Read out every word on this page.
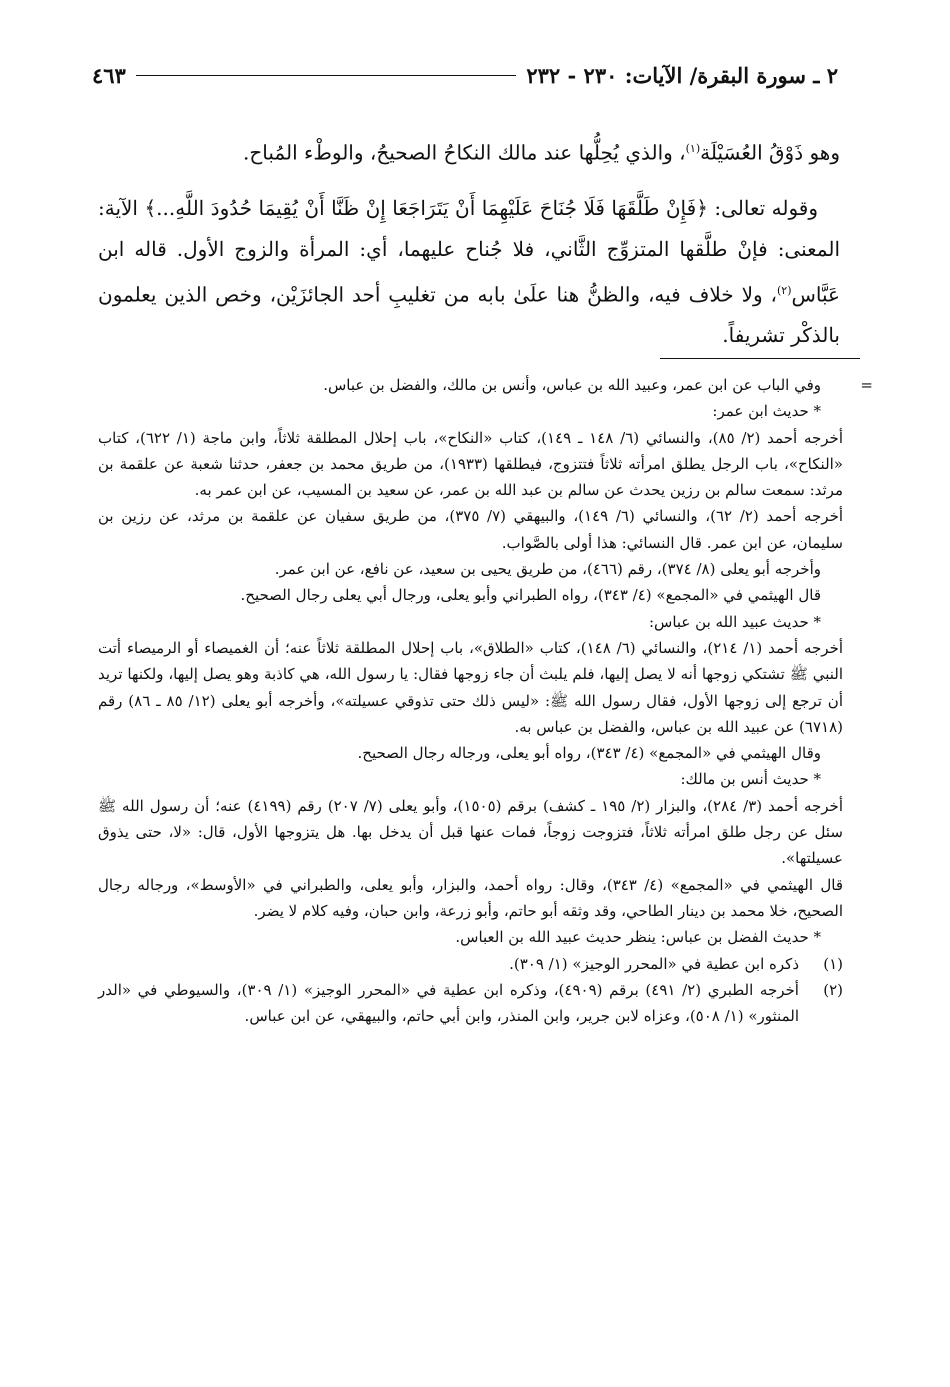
٢ ـ سورة البقرة/ الآيات: ٢٣٠ - ٢٣٢
٤٦٣

وهو ذَوْقُ العُسَيْلَة$^{(١)}$، والذي يُحِلُّها عند مالك النكاحُ الصحيحُ، والوطْء المُباح.

وقوله تعالى: ﴿فَإِنْ طَلَّقَهَا فَلَا جُنَاحَ عَلَيْهِمَا أَنْ يَتَرَاجَعَا إِنْ ظَنَّا أَنْ يُقِيمَا حُدُودَ اللَّهِ...﴾ الآية: المعنى: فإنْ طلَّقها المتزوِّج الثَّاني، فلا جُناح عليهما، أي: المرأة والزوج الأول. قاله ابن عَبَّاس$^{(٢)}$، ولا خلاف فيه، والظنُّ هنا علَىٰ بابه من تغليبِ أحد الجائزَيْن، وخص الذين يعلمون بالذكْر تشريفاً.

=
وفي الباب عن ابن عمر، وعبيد الله بن عباس، وأنس بن مالك، والفضل بن عباس.

* حديث ابن عمر:

أخرجه أحمد (٢/ ٨٥)، والنسائي (٦/ ١٤٨ ـ ١٤٩)، كتاب «النكاح»، باب إحلال المطلقة ثلاثاً، وابن ماجة (١/ ٦٢٢)، كتاب «النكاح»، باب الرجل يطلق امرأته ثلاثاً فتتزوج، فيطلقها (١٩٣٣)، من طريق محمد بن جعفر، حدثنا شعبة عن علقمة بن مرثد: سمعت سالم بن رزين يحدث عن سالم بن عبد الله بن عمر، عن سعيد بن المسيب، عن ابن عمر به.

أخرجه أحمد (٢/ ٦٢)، والنسائي (٦/ ١٤٩)، والبيهقي (٧/ ٣٧٥)، من طريق سفيان عن علقمة بن مرثد، عن رزين بن سليمان، عن ابن عمر. قال النسائي: هذا أولى بالصَّواب.

وأخرجه أبو يعلى (٨/ ٣٧٤)، رقم (٤٦٦)، من طريق يحيى بن سعيد، عن نافع، عن ابن عمر.

قال الهيثمي في «المجمع» (٤/ ٣٤٣)، رواه الطبراني وأبو يعلى، ورجال أبي يعلى رجال الصحيح.

* حديث عبيد الله بن عباس:

أخرجه أحمد (١/ ٢١٤)، والنسائي (٦/ ١٤٨)، كتاب «الطلاق»، باب إحلال المطلقة ثلاثاً عنه؛ أن الغميصاء أو الرميصاء أتت النبي ﷺ تشتكي زوجها أنه لا يصل إليها، فلم يلبث أن جاء زوجها فقال: يا رسول الله، هي كاذبة وهو يصل إليها، ولكنها تريد أن ترجع إلى زوجها الأول، فقال رسول الله ﷺ: «ليس ذلك حتى تذوقي عسيلته»، وأخرجه أبو يعلى (١٢/ ٨٥ ـ ٨٦) رقم (٦٧١٨) عن عبيد الله بن عباس، والفضل بن عباس به.

وقال الهيثمي في «المجمع» (٤/ ٣٤٣)، رواه أبو يعلى، ورجاله رجال الصحيح.

* حديث أنس بن مالك:

أخرجه أحمد (٣/ ٢٨٤)، والبزار (٢/ ١٩٥ ـ كشف) برقم (١٥٠٥)، وأبو يعلى (٧/ ٢٠٧) رقم (٤١٩٩) عنه؛ أن رسول الله ﷺ سئل عن رجل طلق امرأته ثلاثاً، فتزوجت زوجاً، فمات عنها قبل أن يدخل بها. هل يتزوجها الأول، قال: «لا، حتى يذوق عسيلتها».

قال الهيثمي في «المجمع» (٤/ ٣٤٣)، وقال: رواه أحمد، والبزار، وأبو يعلى، والطبراني في «الأوسط»، ورجاله رجال الصحيح، خلا محمد بن دينار الطاحي، وقد وثقه أبو حاتم، وأبو زرعة، وابن حبان، وفيه كلام لا يضر.

* حديث الفضل بن عباس: ينظر حديث عبيد الله بن العباس.

(١)
ذكره ابن عطية في «المحرر الوجيز» (١/ ٣٠٩).
(٢)
أخرجه الطبري (٢/ ٤٩١) برقم (٤٩٠٩)، وذكره ابن عطية في «المحرر الوجيز» (١/ ٣٠٩)، والسيوطي في «الدر المنثور» (١/ ٥٠٨)، وعزاه لابن جرير، وابن المنذر، وابن أبي حاتم، والبيهقي، عن ابن عباس.
